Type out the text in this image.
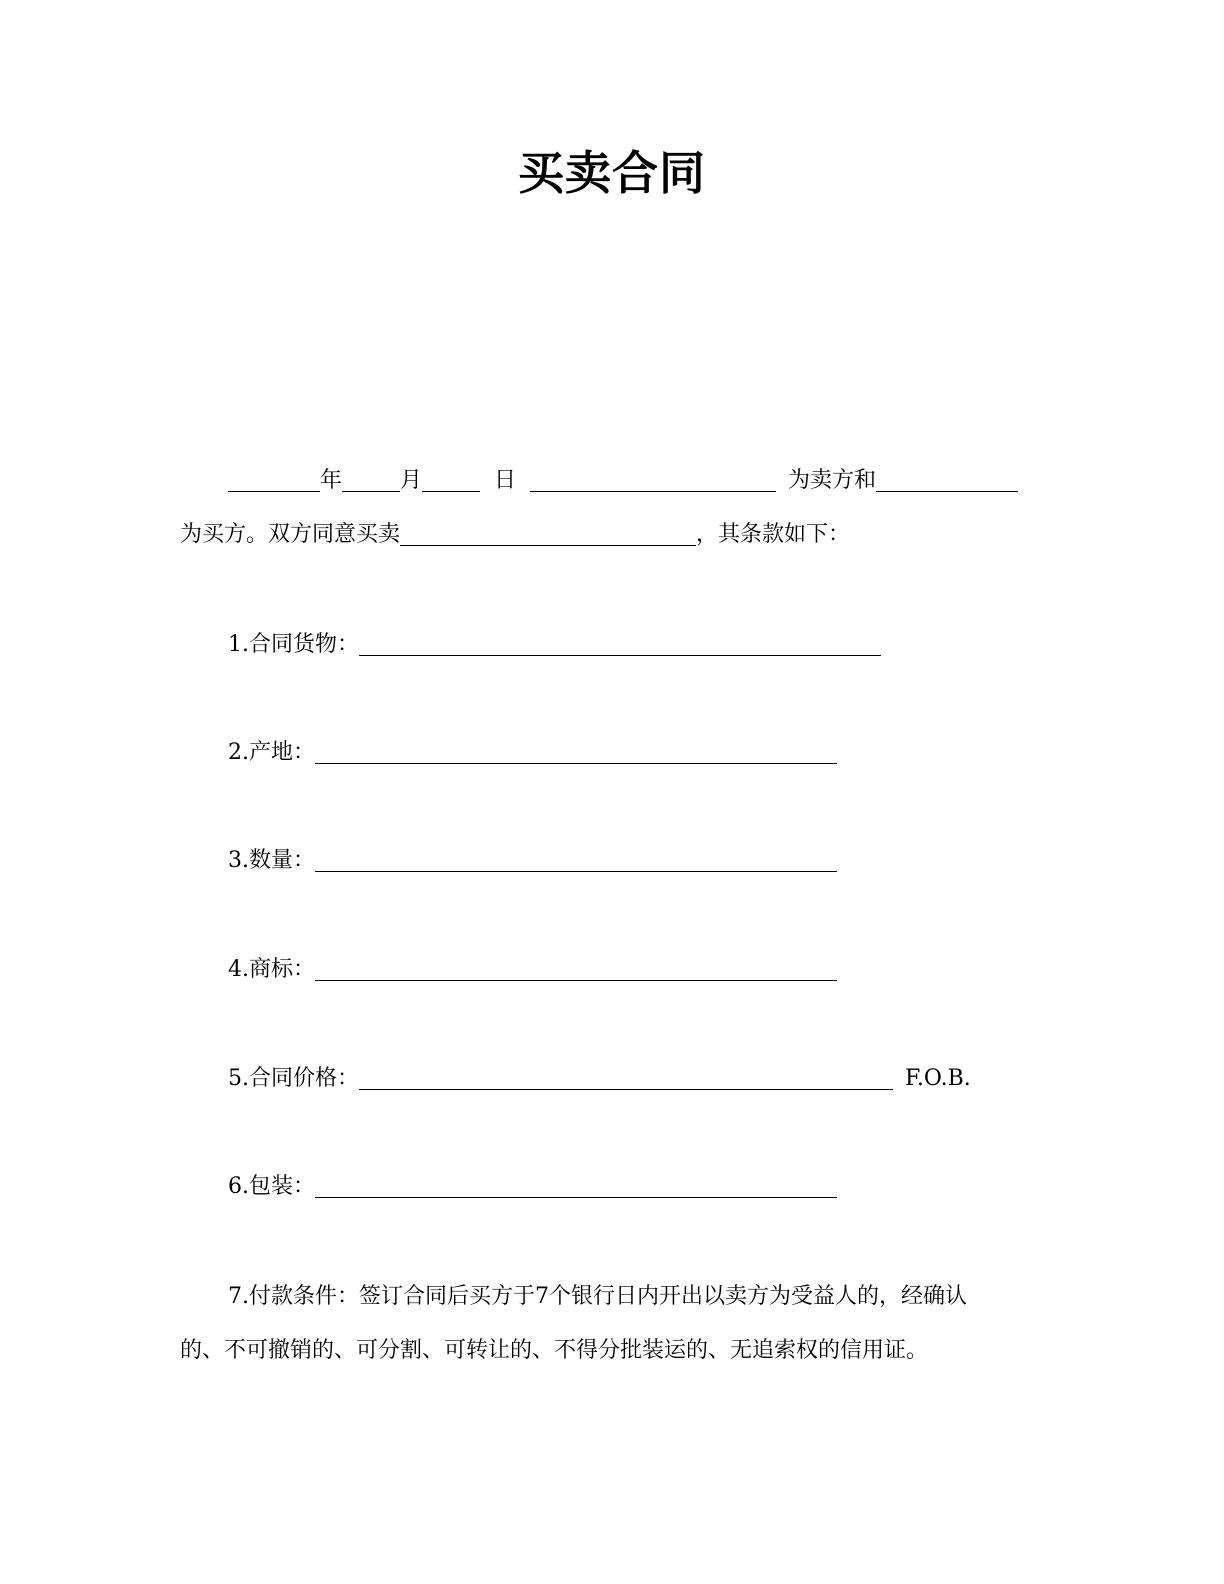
买卖合同
年	月	日	为卖方和
为买方。双方同意买卖	，其条款如下：
1.合同货物：
2.产地：
3.数量：
4.商标：
5.合同价格：	F.O.B.
6.包装：
7.付款条件：签订合同后买方于7个银行日内开出以卖方为受益人的，经确认
的、不可撤销的、可分割、可转让的、不得分批装运的、无追索权的信用证。
